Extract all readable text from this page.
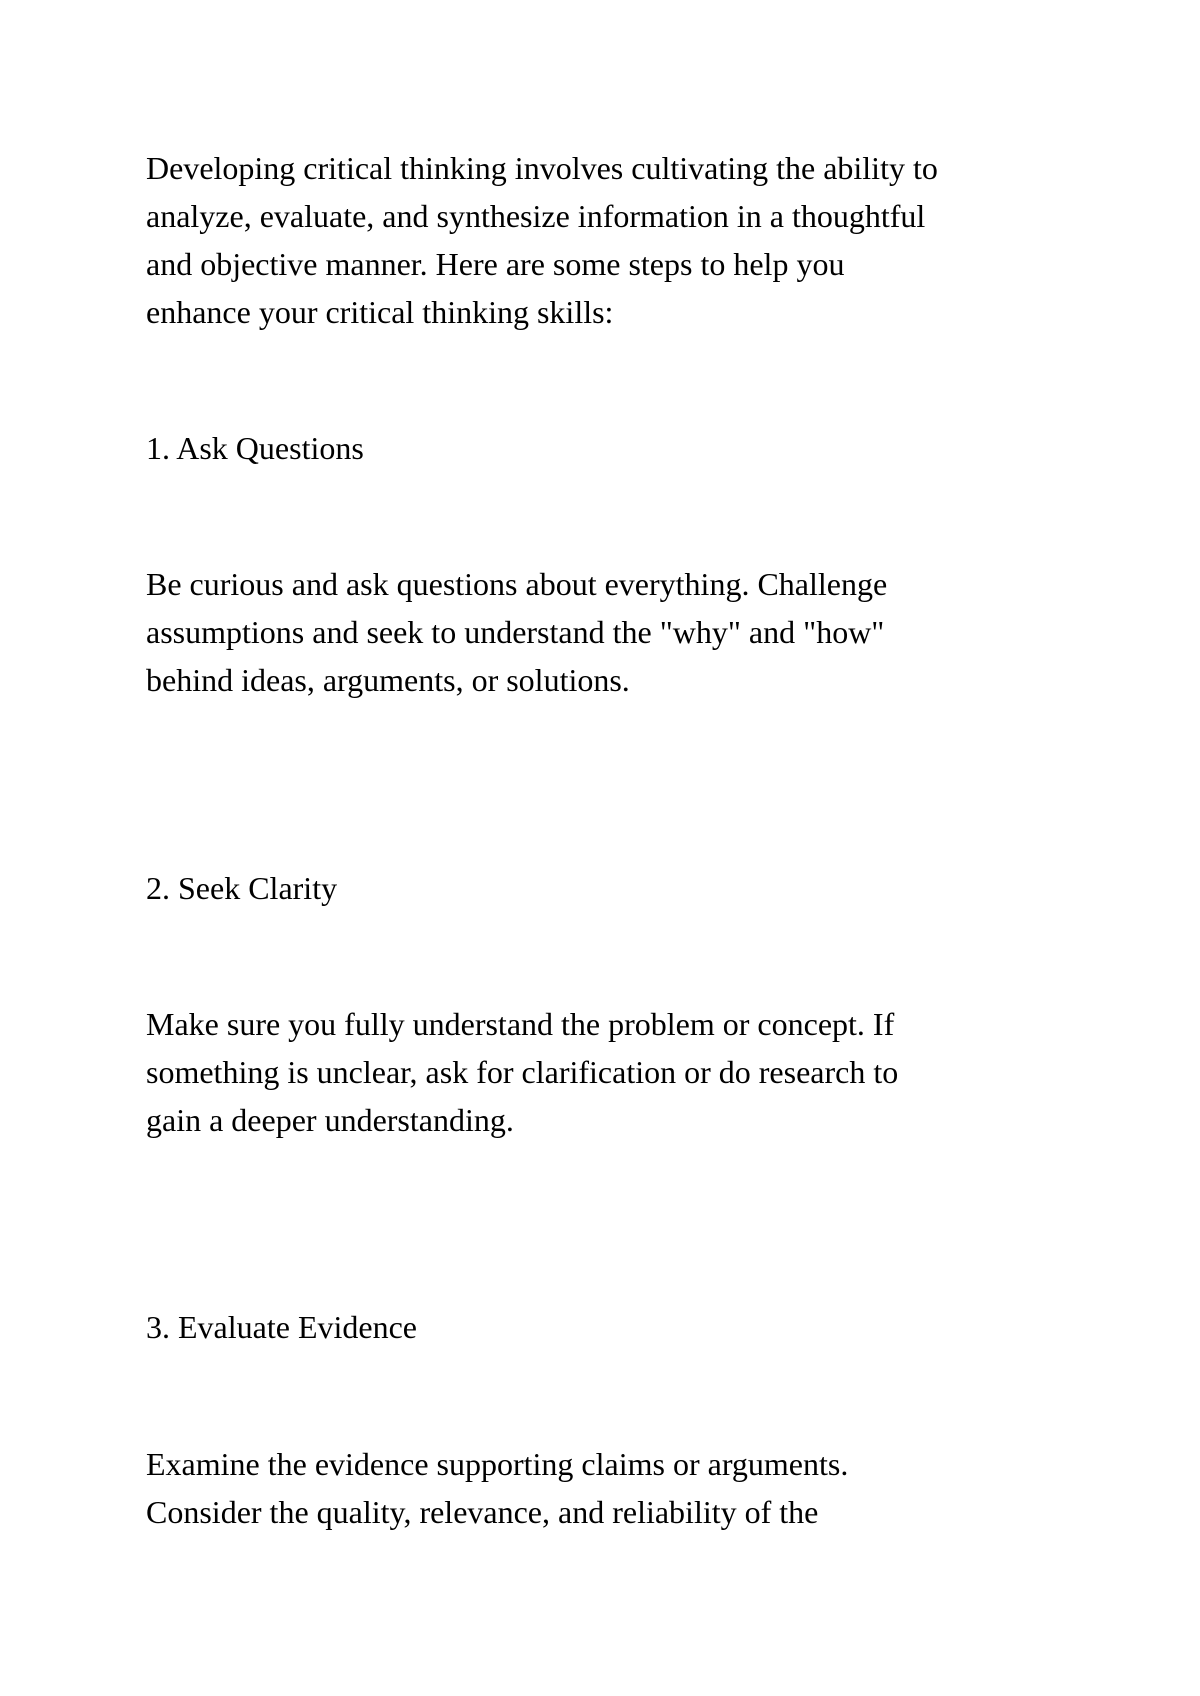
Developing critical thinking involves cultivating the ability to
analyze, evaluate, and synthesize information in a thoughtful
and objective manner. Here are some steps to help you
enhance your critical thinking skills:

1. Ask Questions

Be curious and ask questions about everything. Challenge
assumptions and seek to understand the "why" and "how"
behind ideas, arguments, or solutions.

2. Seek Clarity

Make sure you fully understand the problem or concept. If
something is unclear, ask for clarification or do research to
gain a deeper understanding.

3. Evaluate Evidence

Examine the evidence supporting claims or arguments.
Consider the quality, relevance, and reliability of the
